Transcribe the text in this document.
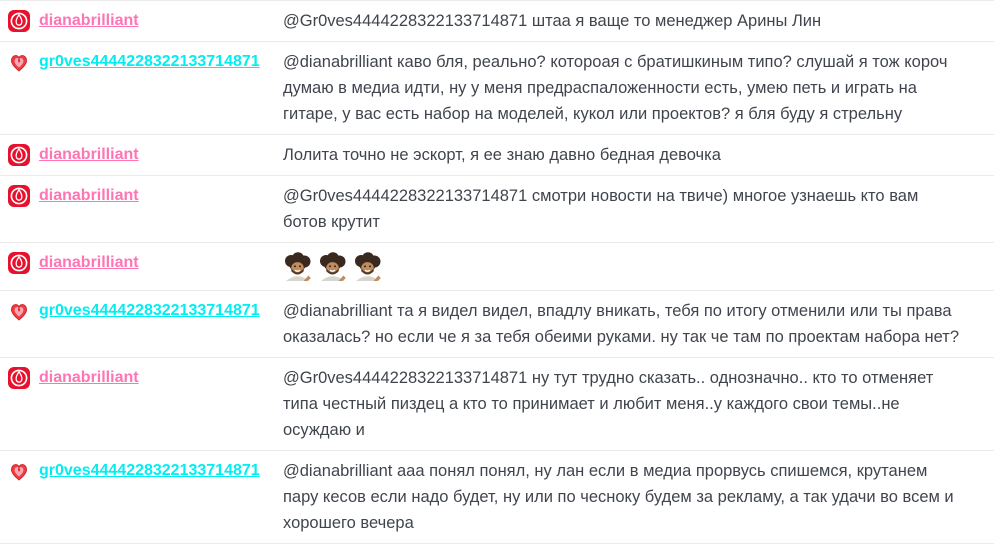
dianabrilliant	@Gr0ves4444228322133714871 штаа я ваще то менеджер Арины Лин
gr0ves4444228322133714871 @dianabrilliant каво бля, реально? котороая с братишкиным типо? слушай я тож короч думаю в медиа идти, ну у меня предраспаложенности есть, умею петь и играть на гитаре, у вас есть набор на моделей, кукол или проектов? я бля буду я стрельну
dianabrilliant	Лолита точно не эскорт, я ее знаю давно бедная девочка
dianabrilliant	@Gr0ves4444228322133714871 смотри новости на твиче) многое узнаешь кто вам ботов крутит
dianabrilliant
gr0ves4444228322133714871 @dianabrilliant та я видел видел, впадлу вникать, тебя по итогу отменили или ты права оказалась? но если че я за тебя обеими руками. ну так че там по проектам набора нет?
dianabrilliant	@Gr0ves4444228322133714871 ну тут трудно сказать.. однозначно.. кто то отменяет типа честный пиздец а кто то принимает и любит меня..у каждого свои темы..не осуждаю и
gr0ves4444228322133714871 @dianabrilliant ааа понял понял, ну лан если в медиа прорвусь спишемся, крутанем пару кесов если надо будет, ну или по чесноку будем за рекламу, а так удачи во всем и хорошего вечера
